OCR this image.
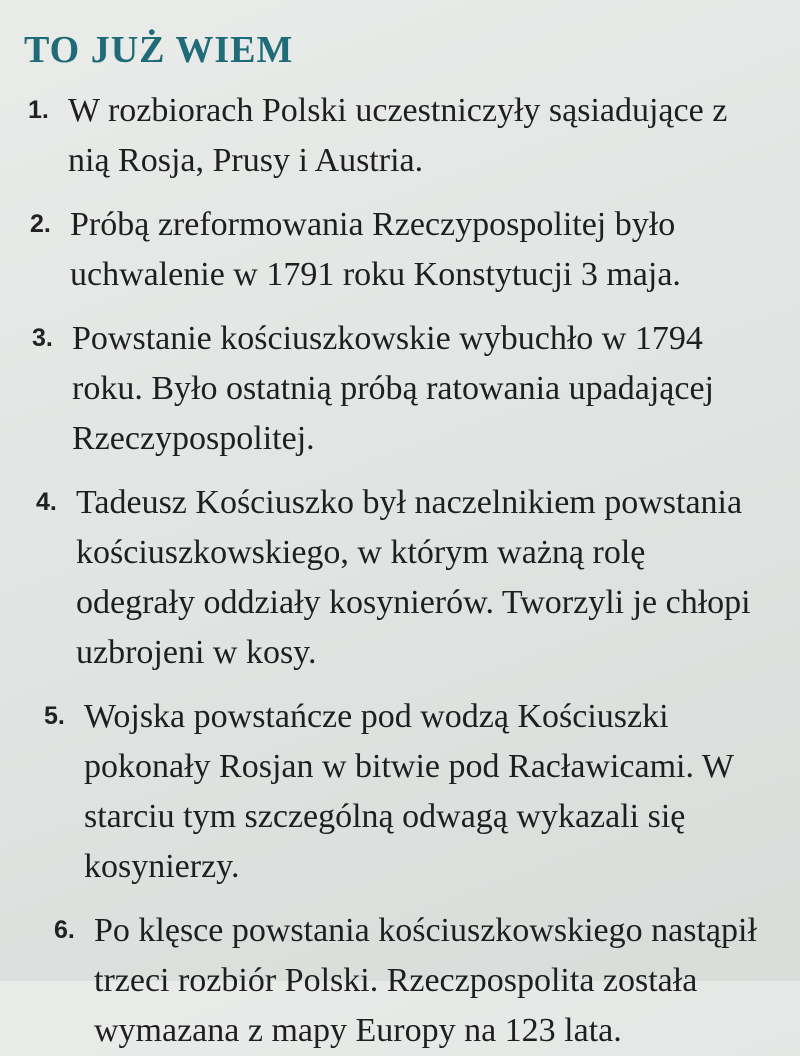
TO JUŻ WIEM
1. W rozbiorach Polski uczestniczyły sąsiadujące z nią Rosja, Prusy i Austria.
2. Próbą zreformowania Rzeczypospolitej było uchwalenie w 1791 roku Konstytucji 3 maja.
3. Powstanie kościuszkowskie wybuchło w 1794 roku. Było ostatnią próbą ratowania upadającej Rzeczypospolitej.
4. Tadeusz Kościuszko był naczelnikiem powstania kościuszkowskiego, w którym ważną rolę odegrały oddziały kosynierów. Tworzyli je chłopi uzbrojeni w kosy.
5. Wojska powstańcze pod wodzą Kościuszki pokonały Rosjan w bitwie pod Racławicami. W starciu tym szczególną odwagą wykazali się kosynierzy.
6. Po klęsce powstania kościuszkowskiego nastąpił trzeci rozbiór Polski. Rzeczpospolita została wymazana z mapy Europy na 123 lata.
